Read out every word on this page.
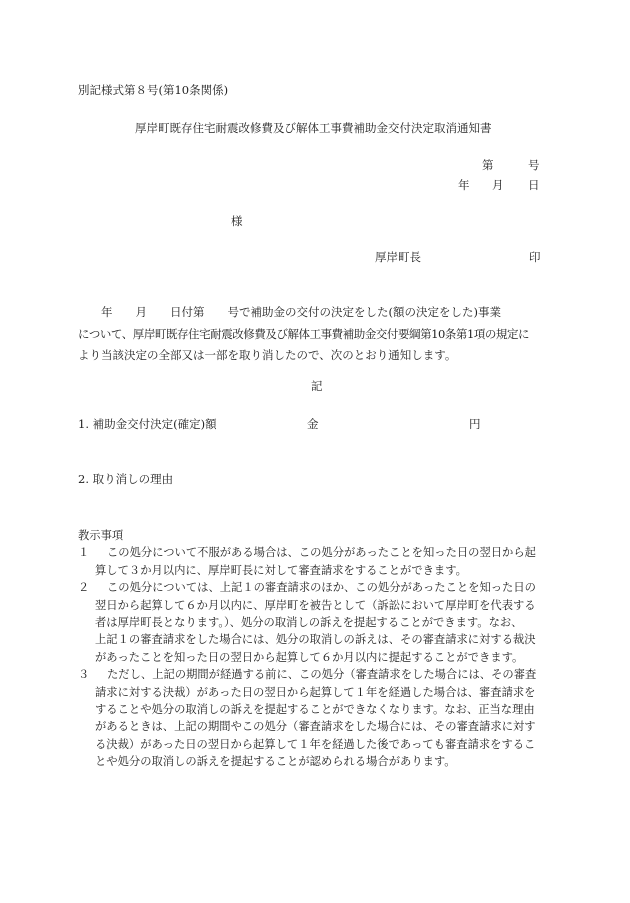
別記様式第８号(第10条関係)
厚岸町既存住宅耐震改修費及び解体工事費補助金交付決定取消通知書
第	号
年 月 日
様
厚岸町長	印
　　年　　月　　日付第　　号で補助金の交付の決定をした(額の決定をした)事業
について、厚岸町既存住宅耐震改修費及び解体工事費補助金交付要綱第10条第1項の規定に
より当該決定の全部又は一部を取り消したので、次のとおり通知します。
記
1. 補助金交付決定(確定)額	金	円
2. 取り消しの理由
教示事項
１	この処分について不服がある場合は、この処分があったことを知った日の翌日から起
算して３か月以内に、厚岸町長に対して審査請求をすることができます。
２	この処分については、上記１の審査請求のほか、この処分があったことを知った日の
翌日から起算して６か月以内に、厚岸町を被告として（訴訟において厚岸町を代表する
者は厚岸町長となります。）、処分の取消しの訴えを提起することができます。なお、
上記１の審査請求をした場合には、処分の取消しの訴えは、その審査請求に対する裁決
があったことを知った日の翌日から起算して６か月以内に提起することができます。
３	ただし、上記の期間が経過する前に、この処分（審査請求をした場合には、その審査
請求に対する決裁）があった日の翌日から起算して１年を経過した場合は、審査請求を
することや処分の取消しの訴えを提起することができなくなります。なお、正当な理由
があるときは、上記の期間やこの処分（審査請求をした場合には、その審査請求に対す
る決裁）があった日の翌日から起算して１年を経過した後であっても審査請求をするこ
とや処分の取消しの訴えを提起することが認められる場合があります。
